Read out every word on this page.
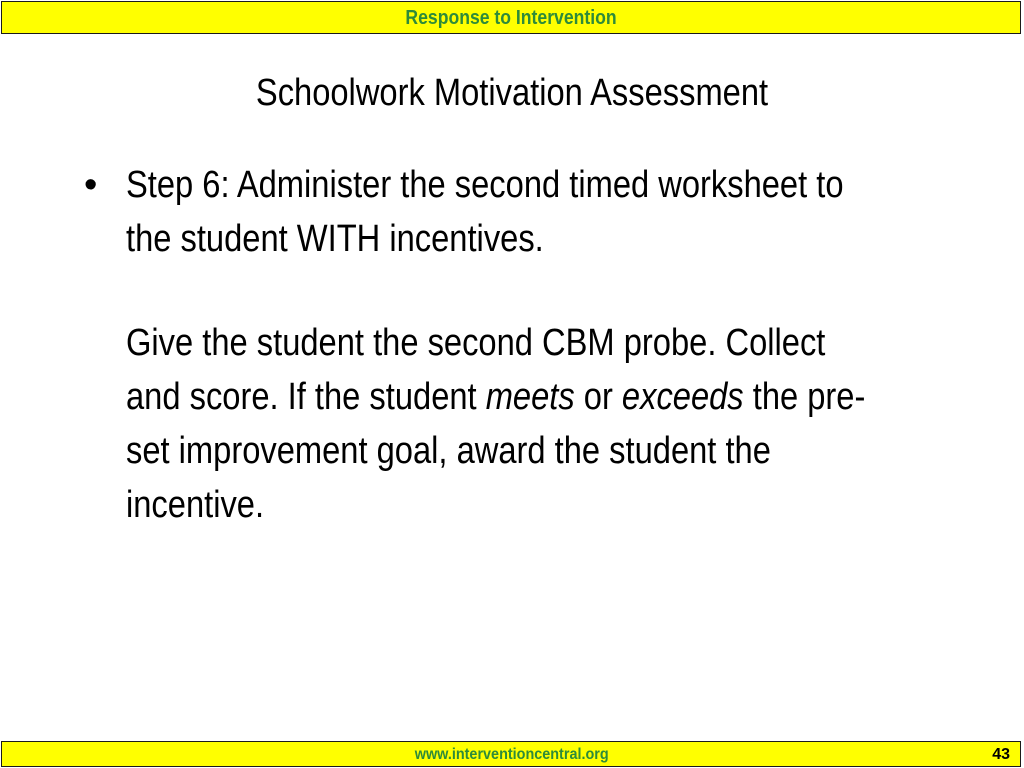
Response to Intervention
Schoolwork Motivation Assessment
• Step 6: Administer the second timed worksheet to
the student WITH incentives.
Give the student the second CBM probe. Collect
and score. If the student meets or exceeds the pre-
set improvement goal, award the student the
incentive.
www.interventioncentral.org	43
